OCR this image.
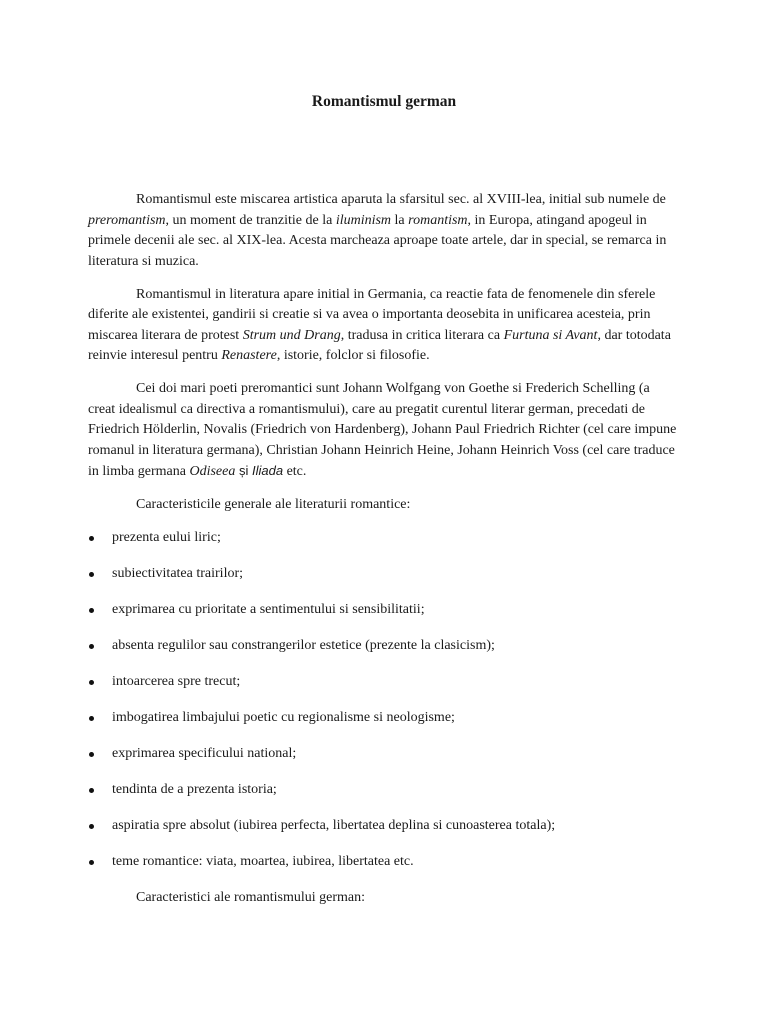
Romantismul german

Romantismul este miscarea artistica aparuta la sfarsitul sec. al XVIII-lea, initial sub numele de preromantism, un moment de tranzitie de la iluminism la romantism, in Europa, atingand apogeul in primele decenii ale sec. al XIX-lea. Acesta marcheaza aproape toate artele, dar in special, se remarca in literatura si muzica.

Romantismul in literatura apare initial in Germania, ca reactie fata de fenomenele din sferele diferite ale existentei, gandirii si creatie si va avea o importanta deosebita in unificarea acesteia, prin miscarea literara de protest Strum und Drang, tradusa in critica literara ca Furtuna si Avant, dar totodata reinvie interesul pentru Renastere, istorie, folclor si filosofie.

Cei doi mari poeti preromantici sunt Johann Wolfgang von Goethe si Frederich Schelling (a creat idealismul ca directiva a romantismului), care au pregatit curentul literar german, precedati de Friedrich Hölderlin, Novalis (Friedrich von Hardenberg), Johann Paul Friedrich Richter (cel care impune romanul in literatura germana), Christian Johann Heinrich Heine, Johann Heinrich Voss (cel care traduce in limba germana Odiseea și Iliada etc.

Caracteristicile generale ale literaturii romantice:

prezenta eului liric;
subiectivitatea trairilor;
exprimarea cu prioritate a sentimentului si sensibilitatii;
absenta regulilor sau constrangerilor estetice (prezente la clasicism);
intoarcerea spre trecut;
imbogatirea limbajului poetic cu regionalisme si neologisme;
exprimarea specificului national;
tendinta de a prezenta istoria;
aspiratia spre absolut (iubirea perfecta, libertatea deplina si cunoasterea totala);
teme romantice: viata, moartea, iubirea, libertatea etc.

Caracteristici ale romantismului german:
